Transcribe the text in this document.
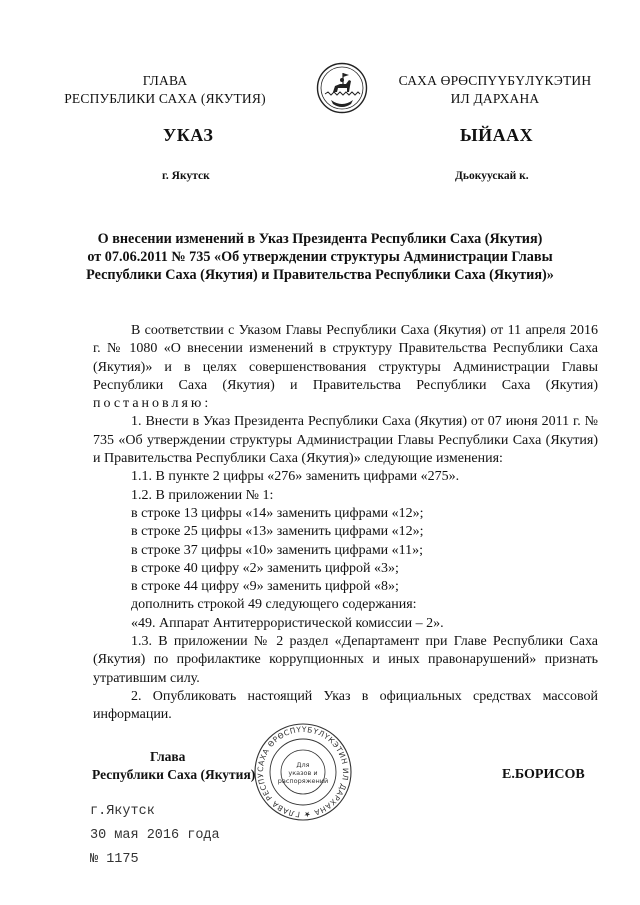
ГЛАВА
РЕСПУБЛИКИ САХА (ЯКУТИЯ)
САХА ӨРӨСПҮҮБҮЛҮКЭТИН
ИЛ ДАРХАНА
УКАЗ	ЫЙААХ
г. Якутск	Дьокуускай к.
О внесении изменений в Указ Президента Республики Саха (Якутия)
от 07.06.2011 № 735 «Об утверждении структуры Администрации Главы
Республики Саха (Якутия) и Правительства Республики Саха (Якутия)»

В соответствии с Указом Главы Республики Саха (Якутия) от 11 апреля 2016 г. № 1080 «О внесении изменений в структуру Правительства Республики Саха (Якутия)» и в целях совершенствования структуры Администрации Главы Республики Саха (Якутия) и Правительства Республики Саха (Якутия) постановляю:

1. Внести в Указ Президента Республики Саха (Якутия) от 07 июня 2011 г. № 735 «Об утверждении структуры Администрации Главы Республики Саха (Якутия) и Правительства Республики Саха (Якутия)» следующие изменения:

1.1. В пункте 2 цифры «276» заменить цифрами «275».

1.2. В приложении № 1:

в строке 13 цифры «14» заменить цифрами «12»;

в строке 25 цифры «13» заменить цифрами «12»;

в строке 37 цифры «10» заменить цифрами «11»;

в строке 40 цифру «2» заменить цифрой «3»;

в строке 44 цифру «9» заменить цифрой «8»;

дополнить строкой 49 следующего содержания:

«49. Аппарат Антитеррористической комиссии – 2».

1.3. В приложении № 2 раздел «Департамент при Главе Республики Саха (Якутия) по профилактике коррупционных и иных правонарушений» признать утратившим силу.

2. Опубликовать настоящий Указ в официальных средствах массовой информации.

САХА ӨРӨСПҮҮБҮЛҮКЭТИН ИЛ ДАРХАНА ★ ГЛАВА РЕСПУ
Для
указов и
распоряжений
Глава
Республики Саха (Якутия)	Е.БОРИСОВ
г.Якутск
30 мая 2016 года
№ 1175
